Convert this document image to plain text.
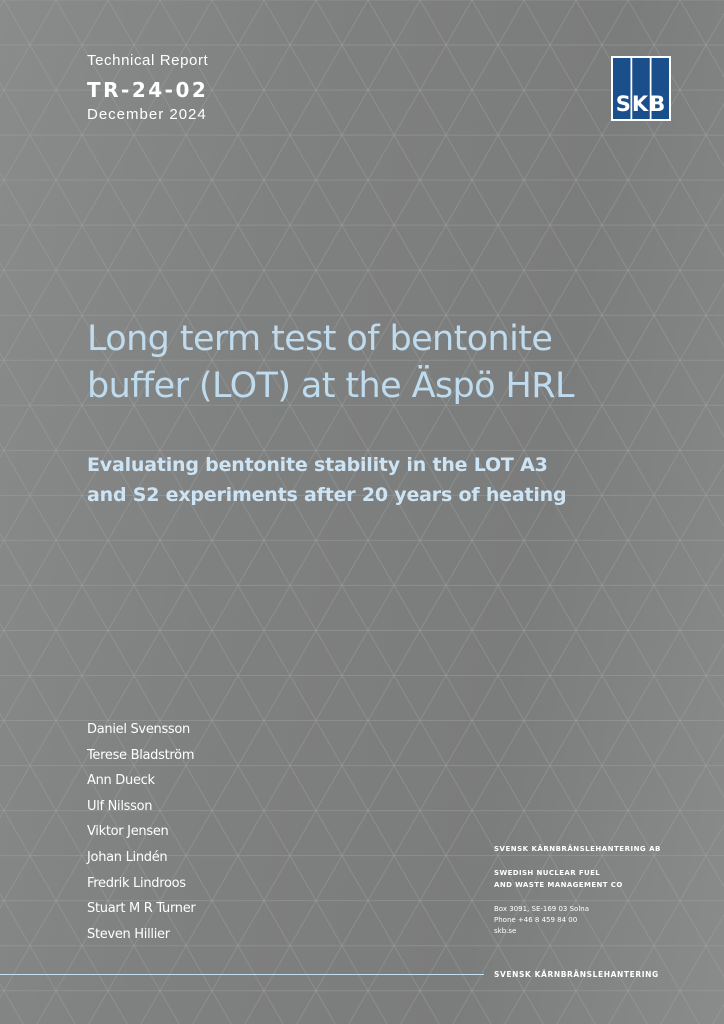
Technical Report
TR-24-02
December 2024	SKB
Long term test of bentonite
buffer (LOT) at the Äspö HRL
Evaluating bentonite stability in the LOT A3
and S2 experiments after 20 years of heating
Daniel Svensson
Terese Bladström
Ann Dueck
Ulf Nilsson
Viktor Jensen
Johan Lindén
Fredrik Lindroos
Stuart M R Turner
Steven Hillier
SVENSK KÄRNBRÄNSLEHANTERING AB
SWEDISH NUCLEAR FUEL
AND WASTE MANAGEMENT CO
Box 3091, SE-169 03 Solna
Phone +46 8 459 84 00
skb.se
SVENSK KÄRNBRÄNSLEHANTERING
